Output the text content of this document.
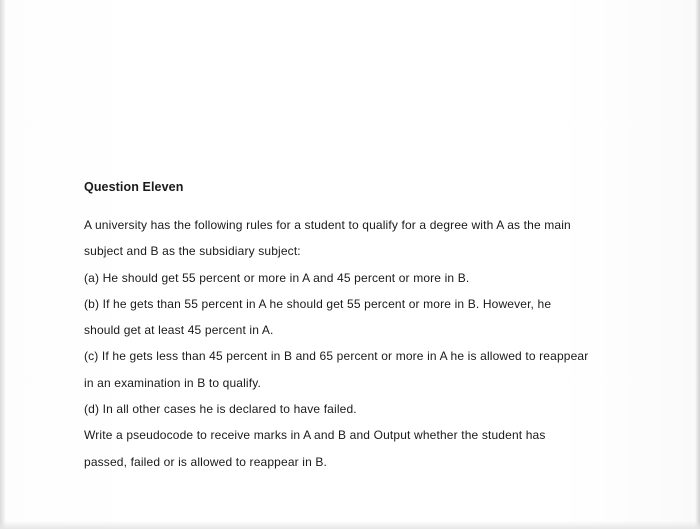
Question Eleven

A university has the following rules for a student to qualify for a degree with A as the main

subject and B as the subsidiary subject:

(a) He should get 55 percent or more in A and 45 percent or more in B.

(b) If he gets than 55 percent in A he should get 55 percent or more in B. However, he

should get at least 45 percent in A.

(c) If he gets less than 45 percent in B and 65 percent or more in A he is allowed to reappear

in an examination in B to qualify.

(d) In all other cases he is declared to have failed.

Write a pseudocode to receive marks in A and B and Output whether the student has

passed, failed or is allowed to reappear in B.
